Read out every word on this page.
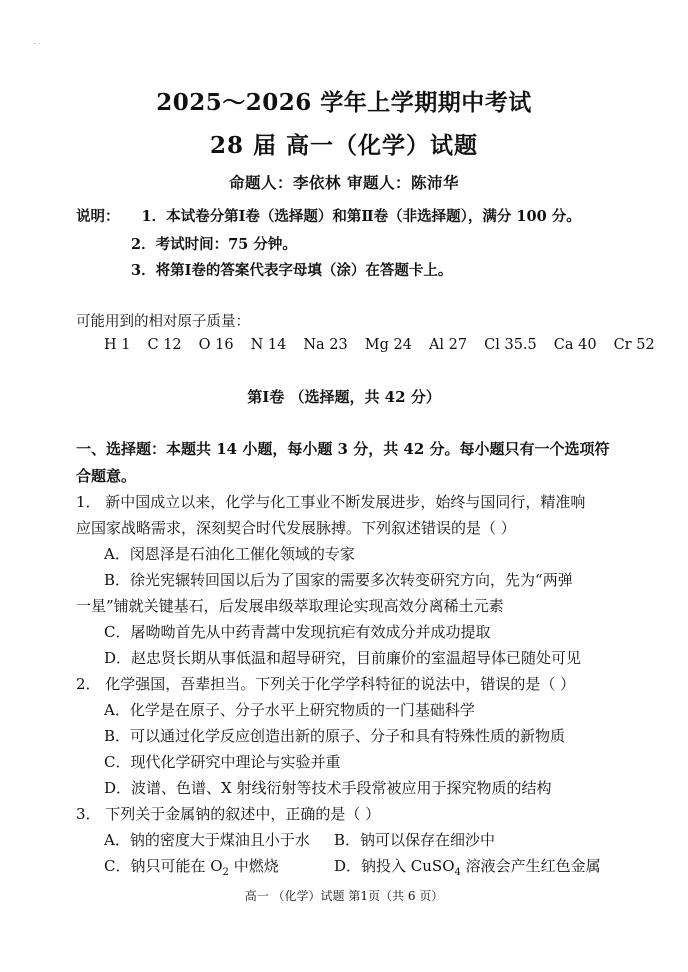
· ·
2025～2026 学年上学期期中考试
28 届 高一（化学）试题
命题人：李依林 审题人：陈沛华
说明： 1．本试卷分第Ⅰ卷（选择题）和第Ⅱ卷（非选择题），满分 100 分。
2．考试时间：75 分钟。
3．将第Ⅰ卷的答案代表字母填（涂）在答题卡上。
可能用到的相对原子质量：
H 1 C 12 O 16 N 14 Na 23 Mg 24 Al 27 Cl 35.5 Ca 40 Cr 52
第Ⅰ卷 （选择题，共 42 分）
一、选择题：本题共 14 小题，每小题 3 分，共 42 分。每小题只有一个选项符
合题意。
1． 新中国成立以来，化学与化工事业不断发展进步，始终与国同行，精准响
应国家战略需求，深刻契合时代发展脉搏。下列叙述错误的是（ ）
A．闵恩泽是石油化工催化领域的专家
B．徐光宪辗转回国以后为了国家的需要多次转变研究方向，先为“两弹
一星”铺就关键基石，后发展串级萃取理论实现高效分离稀土元素
C．屠呦呦首先从中药青蒿中发现抗疟有效成分并成功提取
D．赵忠贤长期从事低温和超导研究，目前廉价的室温超导体已随处可见
2． 化学强国，吾辈担当。下列关于化学学科特征的说法中，错误的是（ ）
A．化学是在原子、分子水平上研究物质的一门基础科学
B．可以通过化学反应创造出新的原子、分子和具有特殊性质的新物质
C．现代化学研究中理论与实验并重
D．波谱、色谱、X 射线衍射等技术手段常被应用于探究物质的结构
3． 下列关于金属钠的叙述中，正确的是（ ）
A．钠的密度大于煤油且小于水 B．钠可以保存在细沙中
C．钠只可能在 $O_2$ 中燃烧	D．钠投入 CuSO$_4$ 溶液会产生红色金属
高一 （化学）试题 第1页（共 6 页）
